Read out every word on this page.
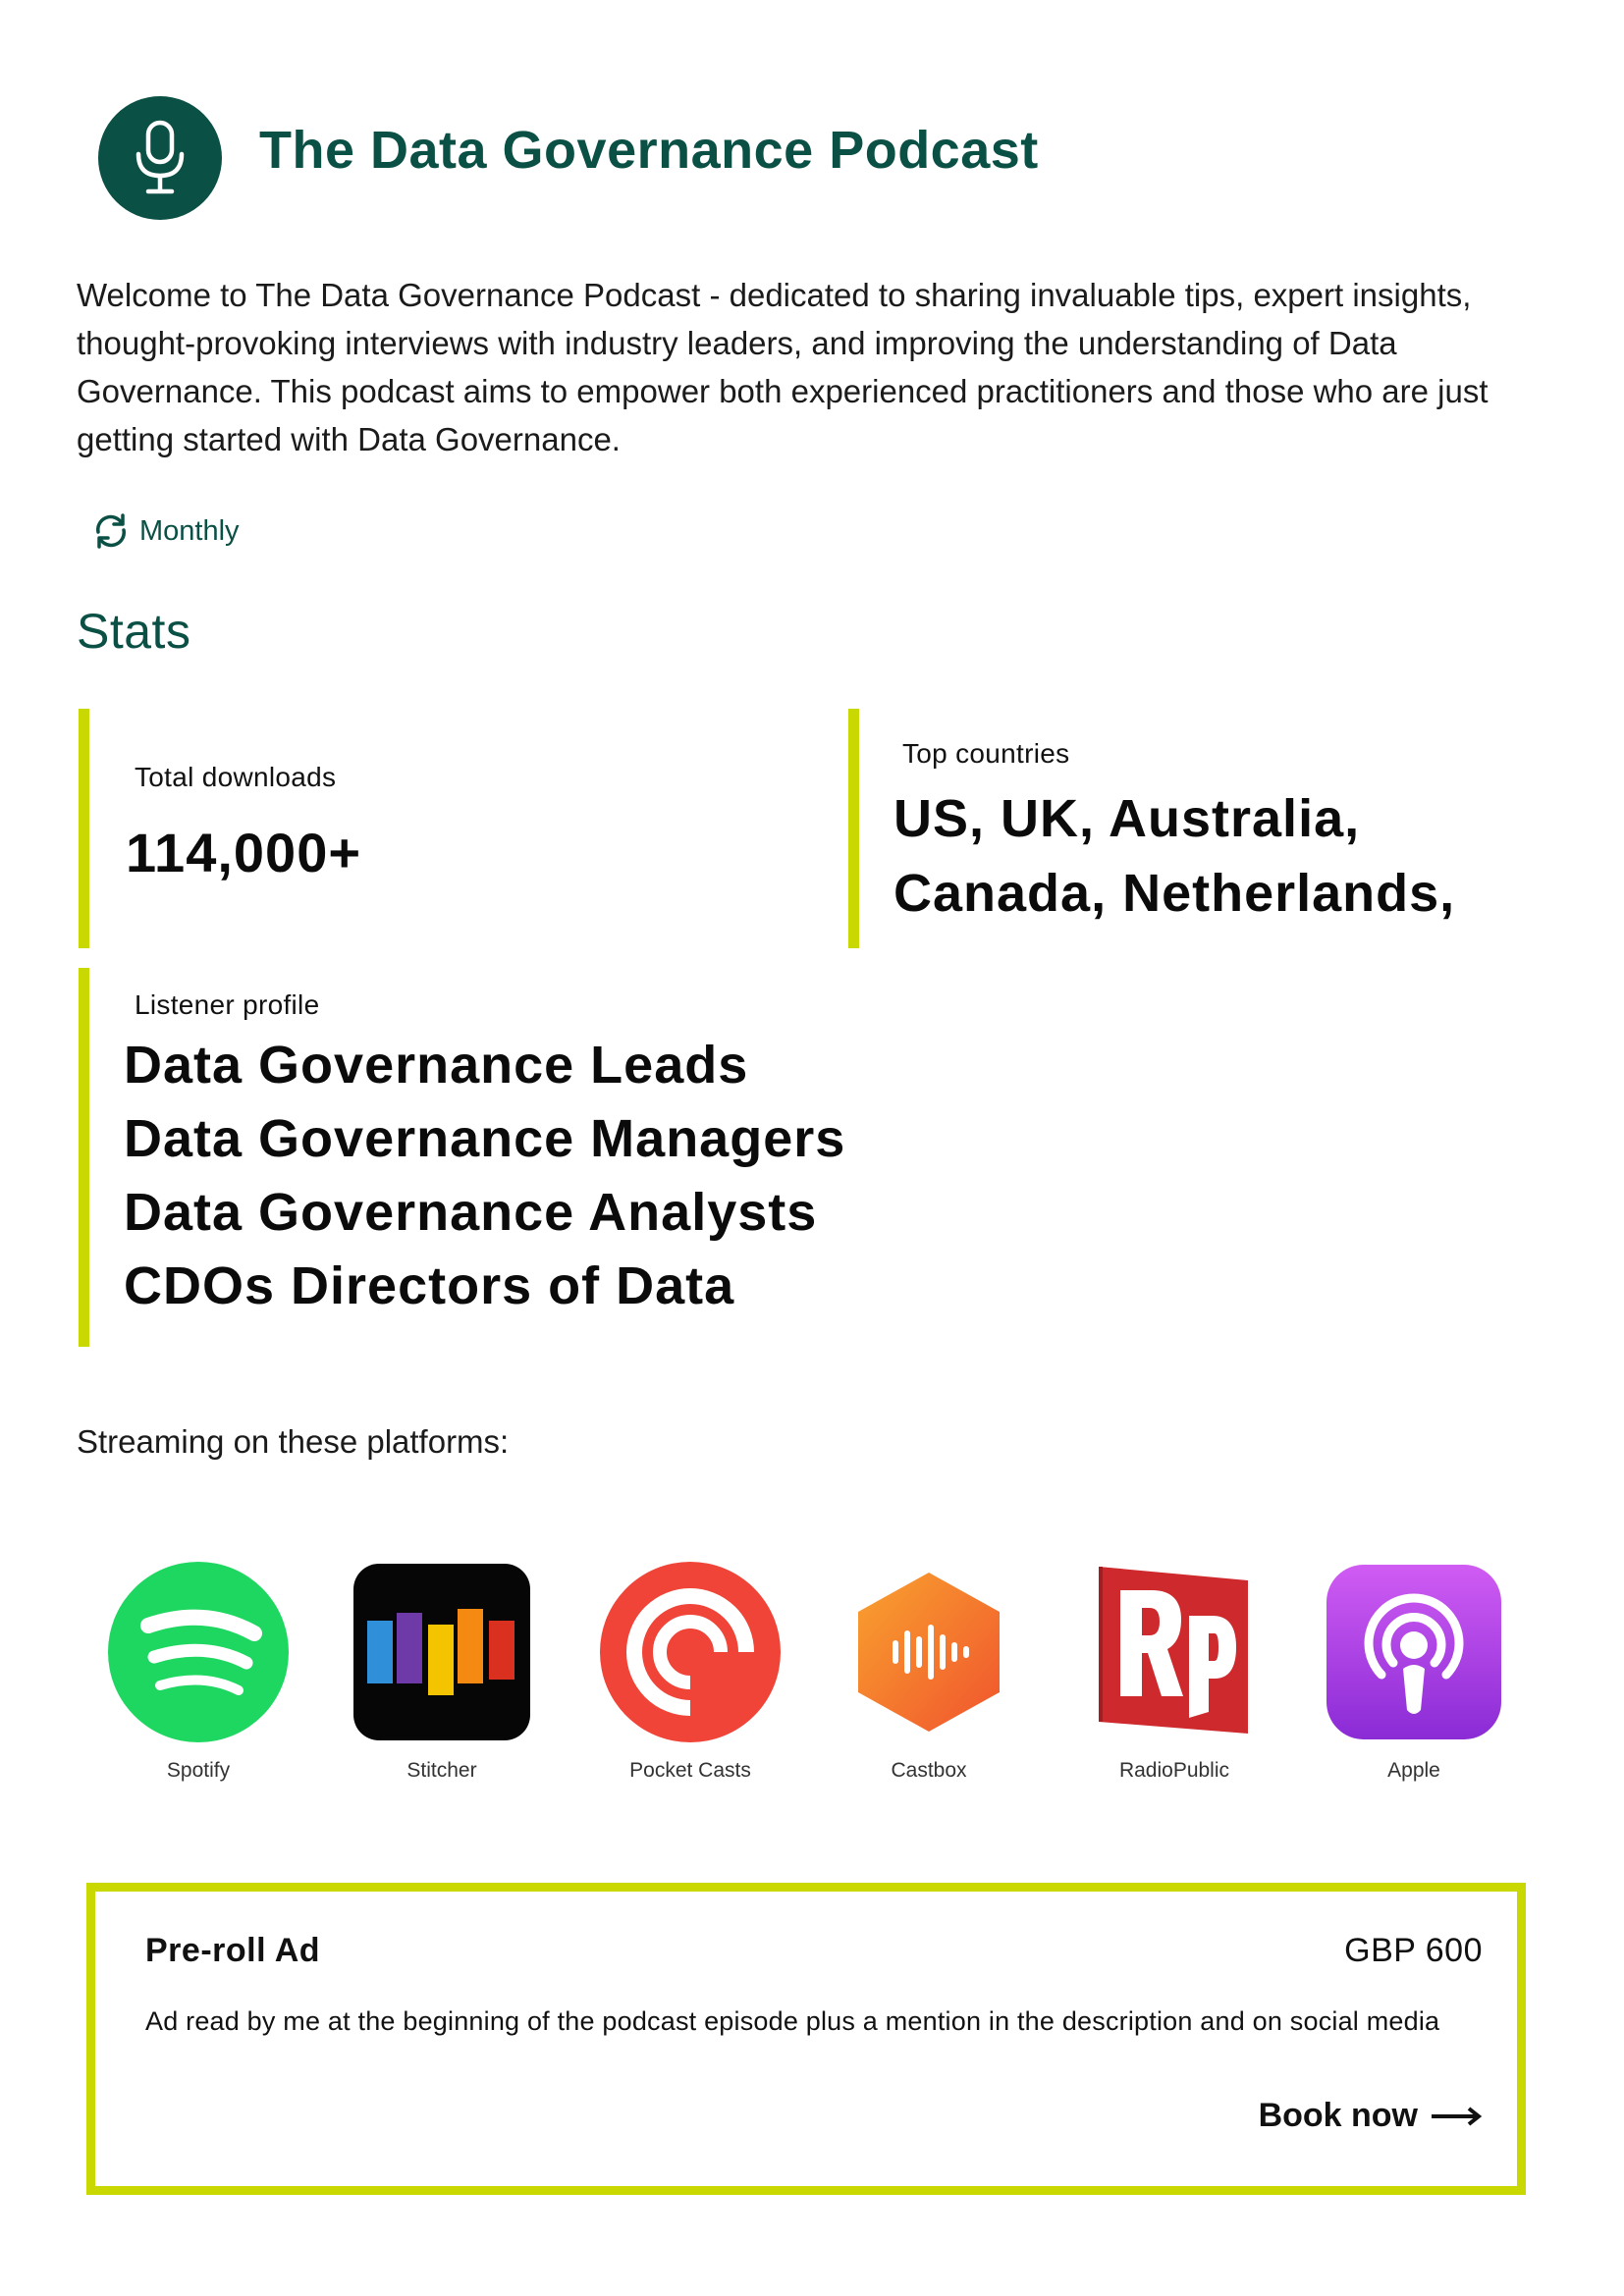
The Data Governance Podcast

Welcome to The Data Governance Podcast - dedicated to sharing invaluable tips, expert insights, thought-provoking interviews with industry leaders, and improving the understanding of Data Governance. This podcast aims to empower both experienced practitioners and those who are just getting started with Data Governance.

Monthly
Stats
Total downloads
114,000+
Top countries
US, UK, Australia,
Canada, Netherlands,
Listener profile
Data Governance Leads
Data Governance Managers
Data Governance Analysts
CDOs Directors of Data
Streaming on these platforms:
Spotify	Stitcher	Pocket Casts	Castbox	RadioPublic	Apple
Pre-roll Ad	GBP 600
Ad read by me at the beginning of the podcast episode plus a mention in the description and on social media
Book now
